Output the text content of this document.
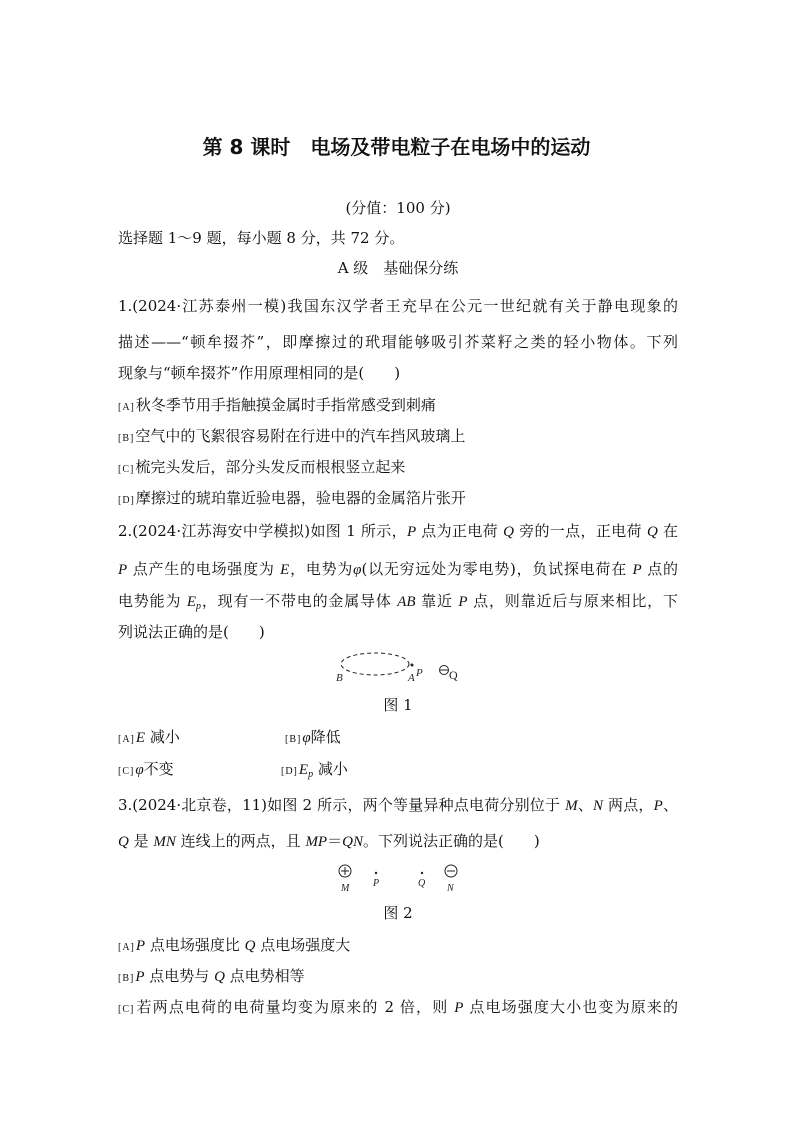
第 8 课时　电场及带电粒子在电场中的运动
(分值：100 分)
选择题 1～9 题，每小题 8 分，共 72 分。
A 级　基础保分练
1.(2024·江苏泰州一模)我国东汉学者王充早在公元一世纪就有关于静电现象的
描述——“顿牟掇芥”，即摩擦过的玳瑁能够吸引芥菜籽之类的轻小物体。下列
现象与“顿牟掇芥”作用原理相同的是(　　)
[A]秋冬季节用手指触摸金属时手指常感受到刺痛
[B]空气中的飞絮很容易附在行进中的汽车挡风玻璃上
[C]梳完头发后，部分头发反而根根竖立起来
[D]摩擦过的琥珀靠近验电器，验电器的金属箔片张开
2.(2024·江苏海安中学模拟)如图 1 所示，P 点为正电荷 Q 旁的一点，正电荷 Q 在
P 点产生的电场强度为 E，电势为φ(以无穷远处为零电势)，负试探电荷在 P 点的
电势能为 $E_p$，现有一不带电的金属导体 AB 靠近 P 点，则靠近后与原来相比，下
列说法正确的是(　　)
[A]E 减小	[B]φ降低
[C]φ不变	$[D]E_p$ 减小
3.(2024·北京卷，11)如图 2 所示，两个等量异种点电荷分别位于 M、N 两点，P、
Q 是 MN 连线上的两点，且 MP＝QN。下列说法正确的是(　　)
[A]P 点电场强度比 Q 点电场强度大
[B]P 点电势与 Q 点电势相等
[C]若两点电荷的电荷量均变为原来的 2 倍，则 P 点电场强度大小也变为原来的
B	A P Q
图 1
M P	Q N
图 2
